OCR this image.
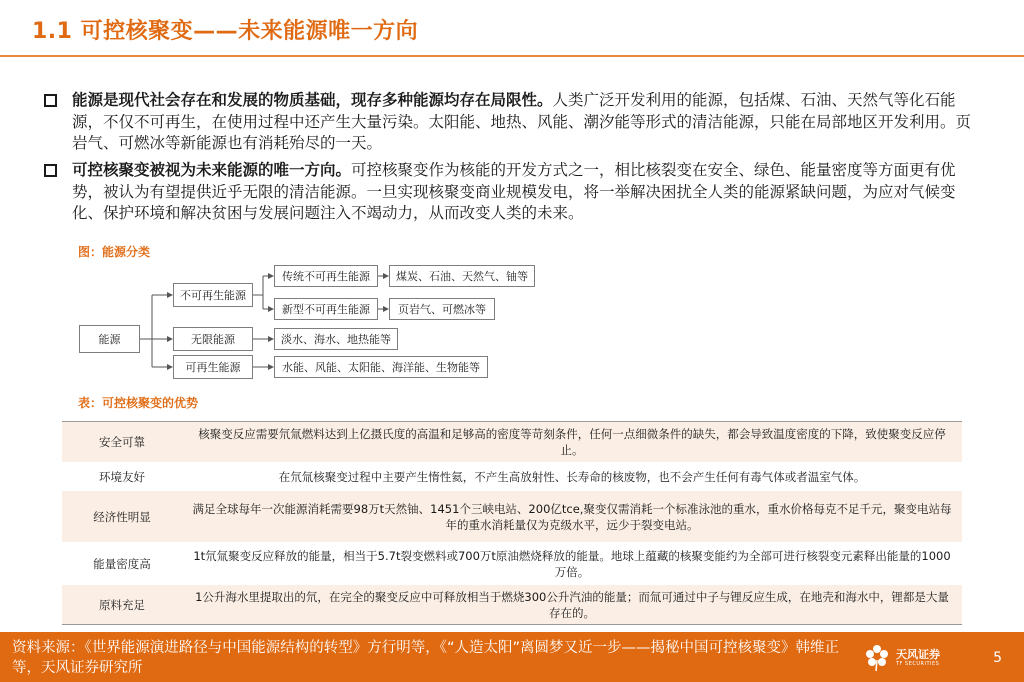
1.1 可控核聚变——未来能源唯一方向
能源是现代社会存在和发展的物质基础，现存多种能源均存在局限性。人类广泛开发利用的能源，包括煤、石油、天然气等化石能源，不仅不可再生，在使用过程中还产生大量污染。太阳能、地热、风能、潮汐能等形式的清洁能源，只能在局部地区开发利用。页岩气、可燃冰等新能源也有消耗殆尽的一天。
可控核聚变被视为未来能源的唯一方向。可控核聚变作为核能的开发方式之一，相比核裂变在安全、绿色、能量密度等方面更有优势，被认为有望提供近乎无限的清洁能源。一旦实现核聚变商业规模发电，将一举解决困扰全人类的能源紧缺问题，为应对气候变化、保护环境和解决贫困与发展问题注入不竭动力，从而改变人类的未来。
图：能源分类
能源
不可再生能源
无限能源
可再生能源
传统不可再生能源
新型不可再生能源
煤炭、石油、天然气、铀等
页岩气、可燃冰等
淡水、海水、地热能等
水能、风能、太阳能、海洋能、生物能等
表：可控核聚变的优势
安全可靠	核聚变反应需要氘氚燃料达到上亿摄氏度的高温和足够高的密度等苛刻条件，任何一点细微条件的缺失，都会导致温度密度的下降，致使聚变反应停止。
环境友好	在氘氚核聚变过程中主要产生惰性氦，不产生高放射性、长寿命的核废物，也不会产生任何有毒气体或者温室气体。
经济性明显	满足全球每年一次能源消耗需要98万t天然铀、1451个三峡电站、200亿tce,聚变仅需消耗一个标准泳池的重水，重水价格每克不足千元，聚变电站每年的重水消耗量仅为克级水平，远少于裂变电站。
能量密度高	1t氘氚聚变反应释放的能量，相当于5.7t裂变燃料或700万t原油燃烧释放的能量。地球上蕴藏的核聚变能约为全部可进行核裂变元素释出能量的1000万倍。
原料充足	1公升海水里提取出的氘，在完全的聚变反应中可释放相当于燃烧300公升汽油的能量；而氚可通过中子与锂反应生成，在地壳和海水中，锂都是大量存在的。
资料来源：《世界能源演进路径与中国能源结构的转型》方行明等，《“人造太阳”离圆梦又近一步——揭秘中国可控核聚变》韩维正等，天风证券研究所
天风证券
TF SECURITIES	5
